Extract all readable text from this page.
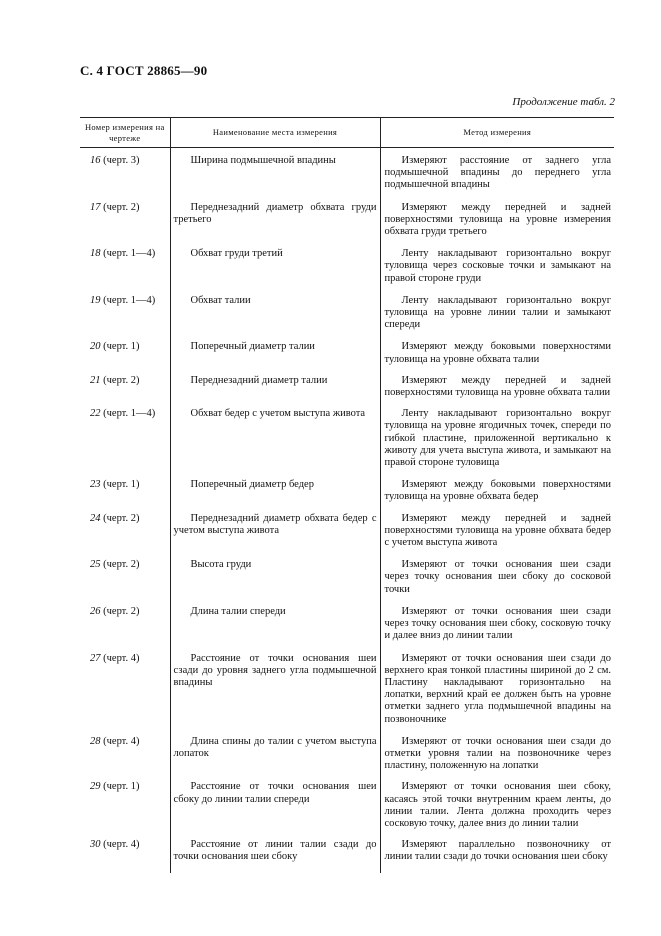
С. 4 ГОСТ 28865—90
Продолжение табл. 2
Номер измерения на чертеже	Наименование места измерения	Метод измерения
16 (черт. 3)	Ширина подмышечной впадины	Измеряют расстояние от заднего угла подмышечной впадины до переднего угла подмышечной впадины
17 (черт. 2)	Переднезадний диаметр обхвата груди третьего	Измеряют между передней и задней поверхностями туловища на уровне измерения обхвата груди третьего
18 (черт. 1—4)	Обхват груди третий	Ленту накладывают горизонтально вокруг туловища через сосковые точки и замыкают на правой стороне груди
19 (черт. 1—4)	Обхват талии	Ленту накладывают горизонтально вокруг туловища на уровне линии талии и замыкают спереди
20 (черт. 1)	Поперечный диаметр талии	Измеряют между боковыми поверхностями туловища на уровне обхвата талии
21 (черт. 2)	Переднезадний диаметр талии	Измеряют между передней и задней поверхностями туловища на уровне обхвата талии
22 (черт. 1—4)	Обхват бедер с учетом выступа живота	Ленту накладывают горизонтально вокруг туловища на уровне ягодичных точек, спереди по гибкой пластине, приложенной вертикально к животу для учета выступа живота, и замыкают на правой стороне туловища
23 (черт. 1)	Поперечный диаметр бедер	Измеряют между боковыми поверхностями туловища на уровне обхвата бедер
24 (черт. 2)	Переднезадний диаметр обхвата бедер с учетом выступа живота	Измеряют между передней и задней поверхностями туловища на уровне обхвата бедер с учетом выступа живота
25 (черт. 2)	Высота груди	Измеряют от точки основания шеи сзади через точку основания шеи сбоку до сосковой точки
26 (черт. 2)	Длина талии спереди	Измеряют от точки основания шеи сзади через точку основания шеи сбоку, сосковую точку и далее вниз до линии талии
27 (черт. 4)	Расстояние от точки основания шеи сзади до уровня заднего угла подмышечной впадины	Измеряют от точки основания шеи сзади до верхнего края тонкой пластины шириной до 2 см. Пластину накладывают горизонтально на лопатки, верхний край ее должен быть на уровне отметки заднего угла подмышечной впадины на позвоночнике
28 (черт. 4)	Длина спины до талии с учетом выступа лопаток	Измеряют от точки основания шеи сзади до отметки уровня талии на позвоночнике через пластину, положенную на лопатки
29 (черт. 1)	Расстояние от точки основания шеи сбоку до линии талии спереди	Измеряют от точки основания шеи сбоку, касаясь этой точки внутренним краем ленты, до линии талии. Лента должна проходить через сосковую точку, далее вниз до линии талии
30 (черт. 4)	Расстояние от линии талии сзади до точки основания шеи сбоку	Измеряют параллельно позвоночнику от линии талии сзади до точки основания шеи сбоку
